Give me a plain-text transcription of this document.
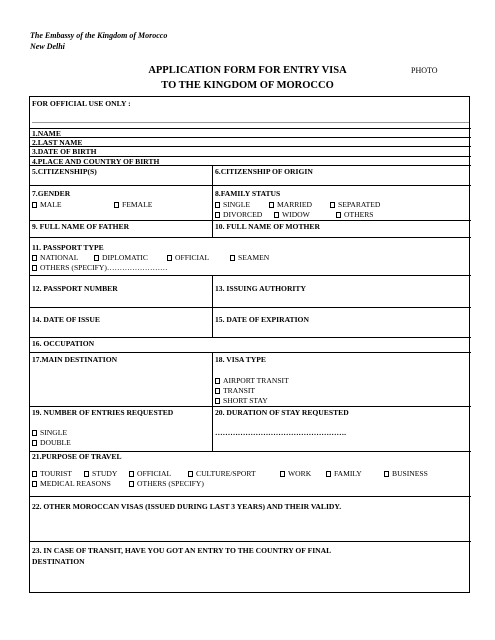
The Embassy of the Kingdom of Morocco
New Delhi
APPLICATION FORM FOR ENTRY VISA
TO THE KINGDOM OF MOROCCO
PHOTO
FOR OFFICIAL USE ONLY :
1.NAME
2.LAST NAME
3.DATE OF BIRTH
4.PLACE AND COUNTRY OF BIRTH
5.CITIZENSHIP(S)	6.CITIZENSHIP OF ORIGIN
7.GENDER
MALE	FEMALE
8.FAMILY STATUS
SINGLE	MARRIED	SEPARATED
DIVORCED	WIDOW	OTHERS
9. FULL NAME OF FATHER	10. FULL NAME OF MOTHER
11. PASSPORT TYPE
NATIONAL	DIPLOMATIC	OFFICIAL	SEAMEN
OTHERS (SPECIFY)……………………
12. PASSPORT NUMBER	13. ISSUING AUTHORITY
14. DATE OF ISSUE	15. DATE OF EXPIRATION
16. OCCUPATION
17.MAIN DESTINATION	18. VISA TYPE
AIRPORT TRANSIT
TRANSIT
SHORT STAY
19. NUMBER OF ENTRIES REQUESTED
SINGLE
DOUBLE
20. DURATION OF STAY REQUESTED
…………………………………………….
21.PURPOSE OF TRAVEL
TOURIST	STUDY	OFFICIAL	CULTURE/SPORT	WORK	FAMILY	BUSINESS
MEDICAL REASONS	OTHERS (SPECIFY)
22. OTHER MOROCCAN VISAS (ISSUED DURING LAST 3 YEARS) AND THEIR VALIDY.
23. IN CASE OF TRANSIT, HAVE YOU GOT AN ENTRY TO THE COUNTRY OF FINAL
DESTINATION
